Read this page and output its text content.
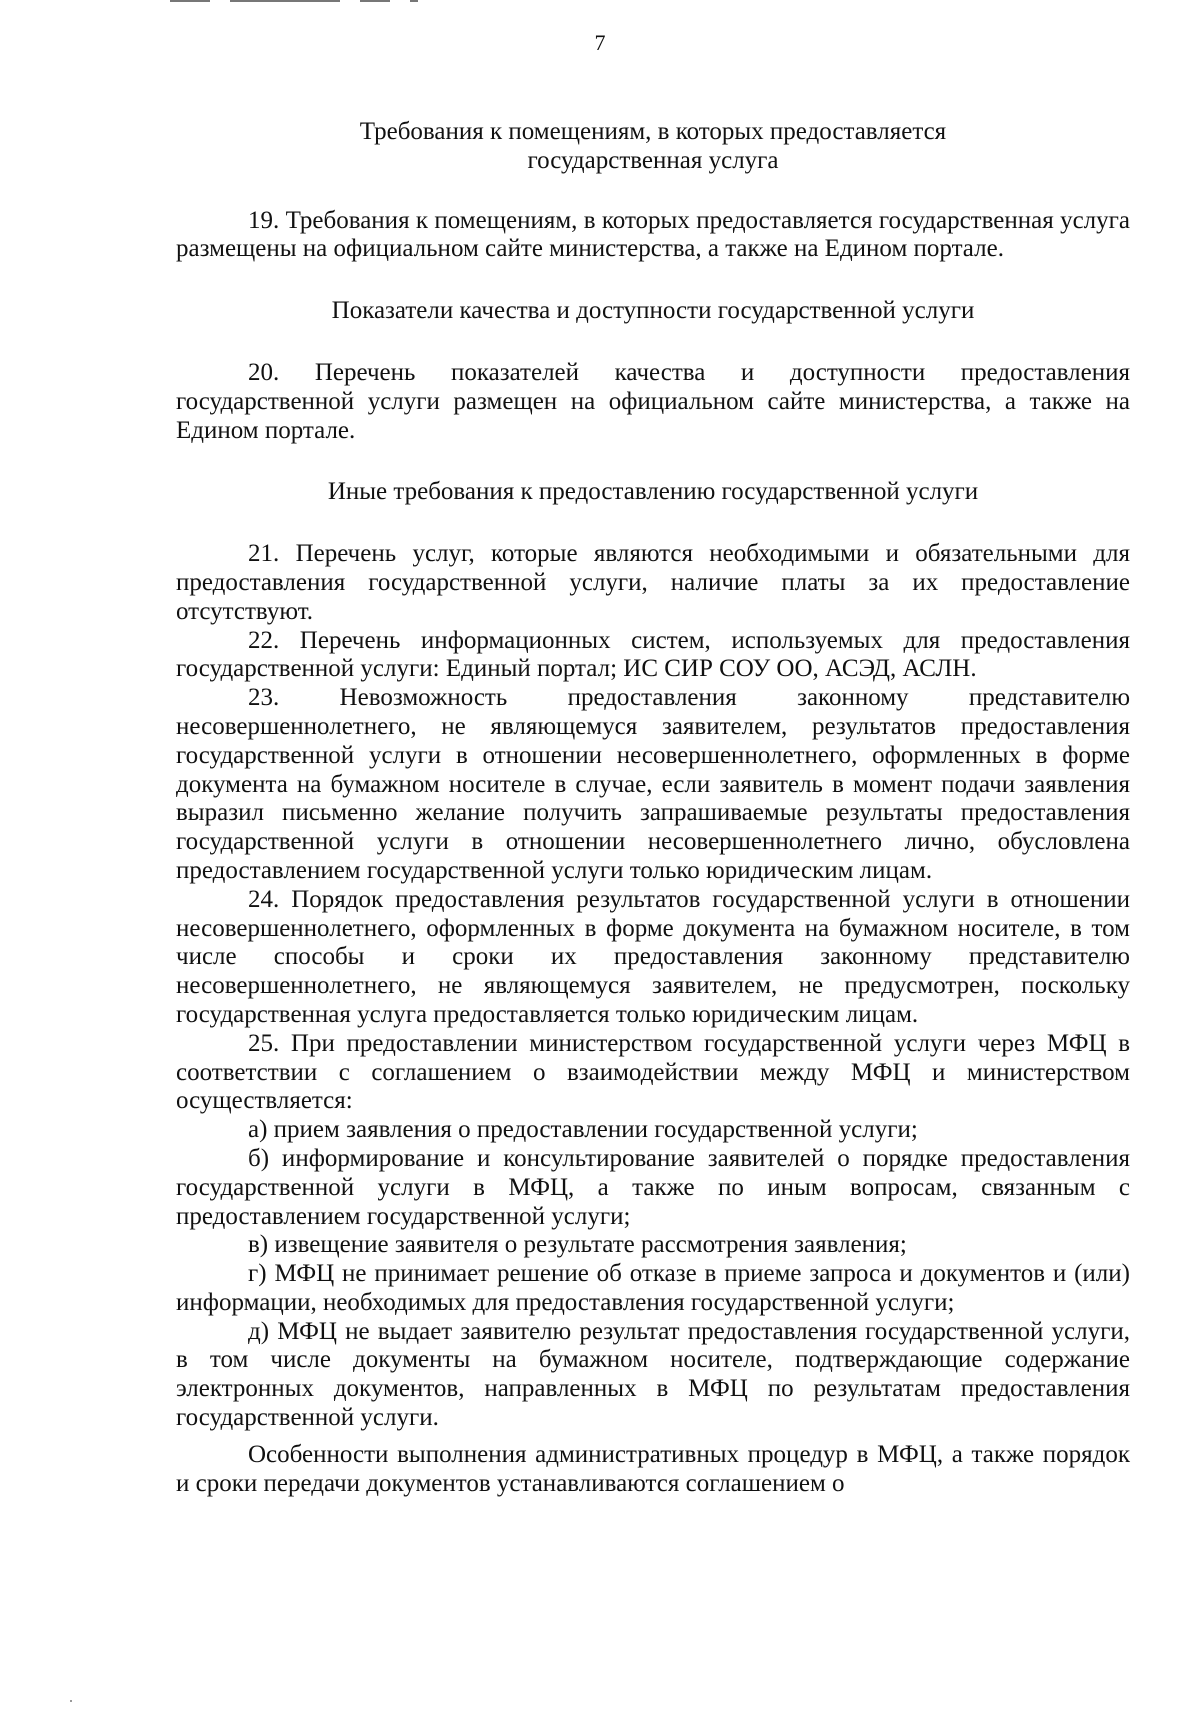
7

Требования к помещениям, в которых предоставляется государственная услуга

19. Требования к помещениям, в которых предоставляется государственная услуга размещены на официальном сайте министерства, а также на Едином портале.

Показатели качества и доступности государственной услуги

20. Перечень показателей качества и доступности предоставления государственной услуги размещен на официальном сайте министерства, а также на Едином портале.

Иные требования к предоставлению государственной услуги

21. Перечень услуг, которые являются необходимыми и обязательными для предоставления государственной услуги, наличие платы за их предоставление отсутствуют.

22. Перечень информационных систем, используемых для предоставления государственной услуги: Единый портал; ИС СИР СОУ ОО, АСЭД, АСЛН.

23. Невозможность предоставления законному представителю несовершеннолетнего, не являющемуся заявителем, результатов предоставления государственной услуги в отношении несовершеннолетнего, оформленных в форме документа на бумажном носителе в случае, если заявитель в момент подачи заявления выразил письменно желание получить запрашиваемые результаты предоставления государственной услуги в отношении несовершеннолетнего лично, обусловлена предоставлением государственной услуги только юридическим лицам.

24. Порядок предоставления результатов государственной услуги в отношении несовершеннолетнего, оформленных в форме документа на бумажном носителе, в том числе способы и сроки их предоставления законному представителю несовершеннолетнего, не являющемуся заявителем, не предусмотрен, поскольку государственная услуга предоставляется только юридическим лицам.

25. При предоставлении министерством государственной услуги через МФЦ в соответствии с соглашением о взаимодействии между МФЦ и министерством осуществляется:

а) прием заявления о предоставлении государственной услуги;

б) информирование и консультирование заявителей о порядке предоставления государственной услуги в МФЦ, а также по иным вопросам, связанным с предоставлением государственной услуги;

в) извещение заявителя о результате рассмотрения заявления;

г) МФЦ не принимает решение об отказе в приеме запроса и документов и (или) информации, необходимых для предоставления государственной услуги;

д) МФЦ не выдает заявителю результат предоставления государственной услуги, в том числе документы на бумажном носителе, подтверждающие содержание электронных документов, направленных в МФЦ по результатам предоставления государственной услуги.

Особенности выполнения административных процедур в МФЦ, а также порядок и сроки передачи документов устанавливаются соглашением о
